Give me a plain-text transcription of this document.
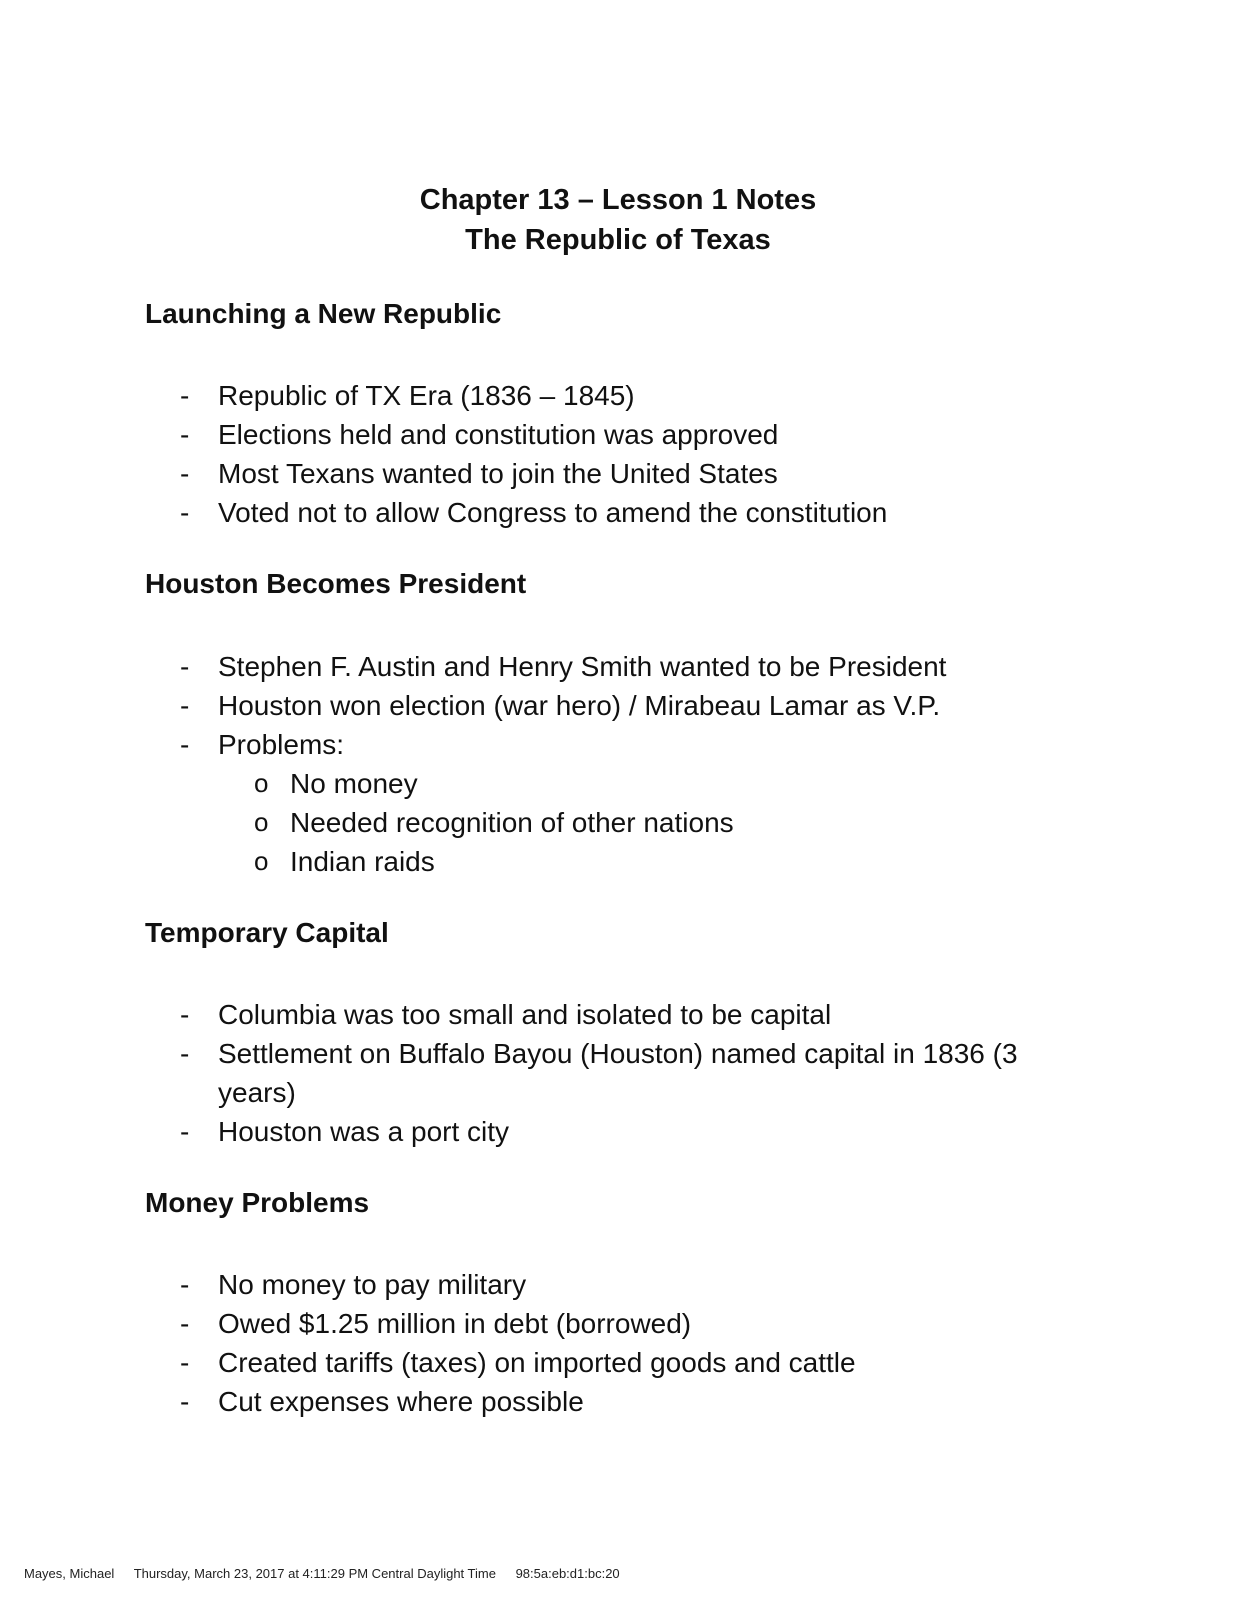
Chapter 13 – Lesson 1 Notes
The Republic of Texas
Launching a New Republic
- Republic of TX Era (1836 – 1845)
- Elections held and constitution was approved
- Most Texans wanted to join the United States
- Voted not to allow Congress to amend the constitution
Houston Becomes President
- Stephen F. Austin and Henry Smith wanted to be President
- Houston won election (war hero) / Mirabeau Lamar as V.P.
- Problems:
o No money
o Needed recognition of other nations
o Indian raids
Temporary Capital
- Columbia was too small and isolated to be capital
- Settlement on Buffalo Bayou (Houston) named capital in 1836 (3 years)
- Houston was a port city
Money Problems
- No money to pay military
- Owed $1.25 million in debt (borrowed)
- Created tariffs (taxes) on imported goods and cattle
- Cut expenses where possible
Mayes, Michael Thursday, March 23, 2017 at 4:11:29 PM Central Daylight Time 98:5a:eb:d1:bc:20
